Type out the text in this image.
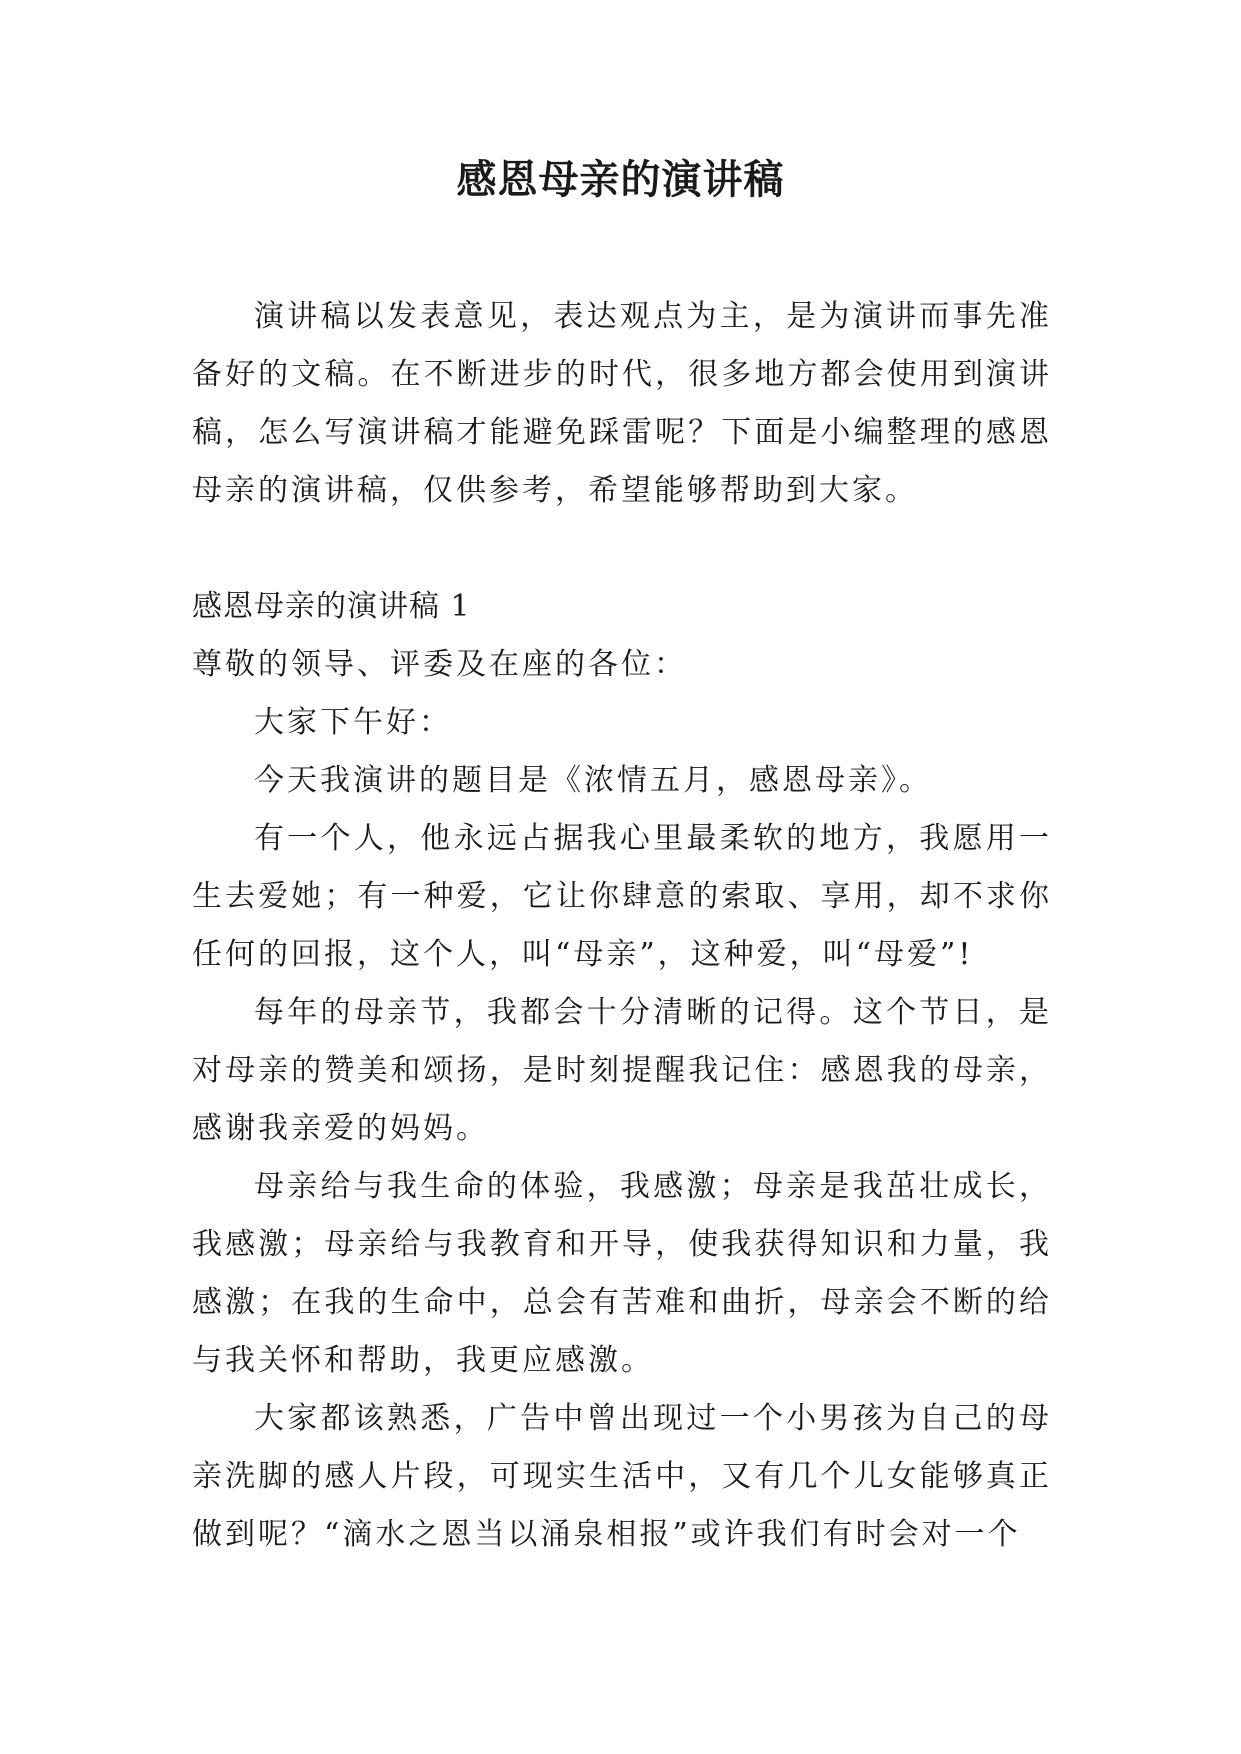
感恩母亲的演讲稿

演讲稿以发表意见，表达观点为主，是为演讲而事先准备好的文稿。在不断进步的时代，很多地方都会使用到演讲稿，怎么写演讲稿才能避免踩雷呢？下面是小编整理的感恩母亲的演讲稿，仅供参考，希望能够帮助到大家。

感恩母亲的演讲稿 1

尊敬的领导、评委及在座的各位：

大家下午好：

今天我演讲的题目是《浓情五月，感恩母亲》。

有一个人，他永远占据我心里最柔软的地方，我愿用一生去爱她；有一种爱，它让你肆意的索取、享用，却不求你任何的回报，这个人，叫“母亲”，这种爱，叫“母爱”!

每年的母亲节，我都会十分清晰的记得。这个节日，是对母亲的赞美和颂扬，是时刻提醒我记住：感恩我的母亲，感谢我亲爱的妈妈。

母亲给与我生命的体验，我感激；母亲是我茁壮成长，我感激；母亲给与我教育和开导，使我获得知识和力量，我感激；在我的生命中，总会有苦难和曲折，母亲会不断的给与我关怀和帮助，我更应感激。

大家都该熟悉，广告中曾出现过一个小男孩为自己的母亲洗脚的感人片段，可现实生活中，又有几个儿女能够真正做到呢？“滴水之恩当以涌泉相报”或许我们有时会对一个
